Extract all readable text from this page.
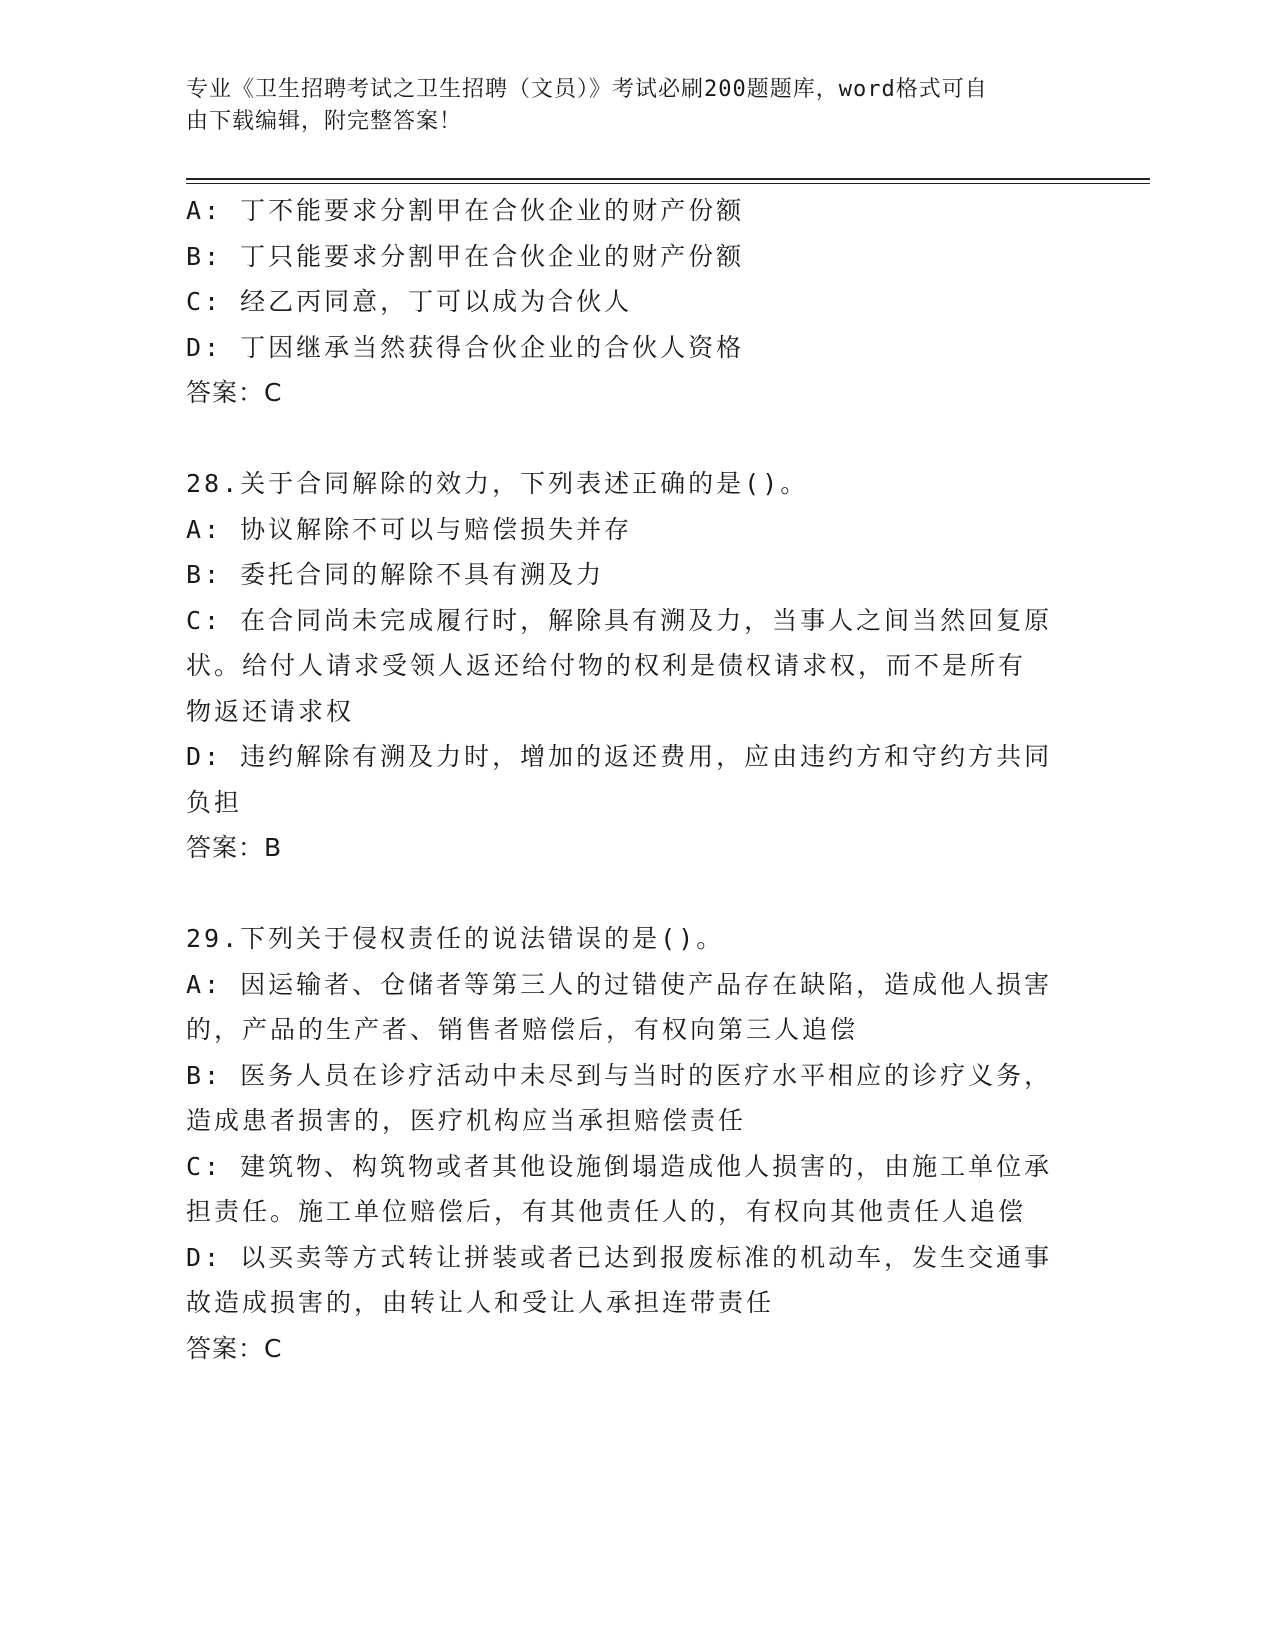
专业《卫生招聘考试之卫生招聘（文员）》考试必刷200题题库，word格式可自
由下载编辑，附完整答案！
A: 丁不能要求分割甲在合伙企业的财产份额
B: 丁只能要求分割甲在合伙企业的财产份额
C: 经乙丙同意，丁可以成为合伙人
D: 丁因继承当然获得合伙企业的合伙人资格
答案：C
28.关于合同解除的效力，下列表述正确的是()。
A: 协议解除不可以与赔偿损失并存
B: 委托合同的解除不具有溯及力
C: 在合同尚未完成履行时，解除具有溯及力，当事人之间当然回复原
状。给付人请求受领人返还给付物的权利是债权请求权，而不是所有
物返还请求权
D: 违约解除有溯及力时，增加的返还费用，应由违约方和守约方共同
负担
答案：B
29.下列关于侵权责任的说法错误的是()。
A: 因运输者、仓储者等第三人的过错使产品存在缺陷，造成他人损害
的，产品的生产者、销售者赔偿后，有权向第三人追偿
B: 医务人员在诊疗活动中未尽到与当时的医疗水平相应的诊疗义务，
造成患者损害的，医疗机构应当承担赔偿责任
C: 建筑物、构筑物或者其他设施倒塌造成他人损害的，由施工单位承
担责任。施工单位赔偿后，有其他责任人的，有权向其他责任人追偿
D: 以买卖等方式转让拼装或者已达到报废标准的机动车，发生交通事
故造成损害的，由转让人和受让人承担连带责任
答案：C
